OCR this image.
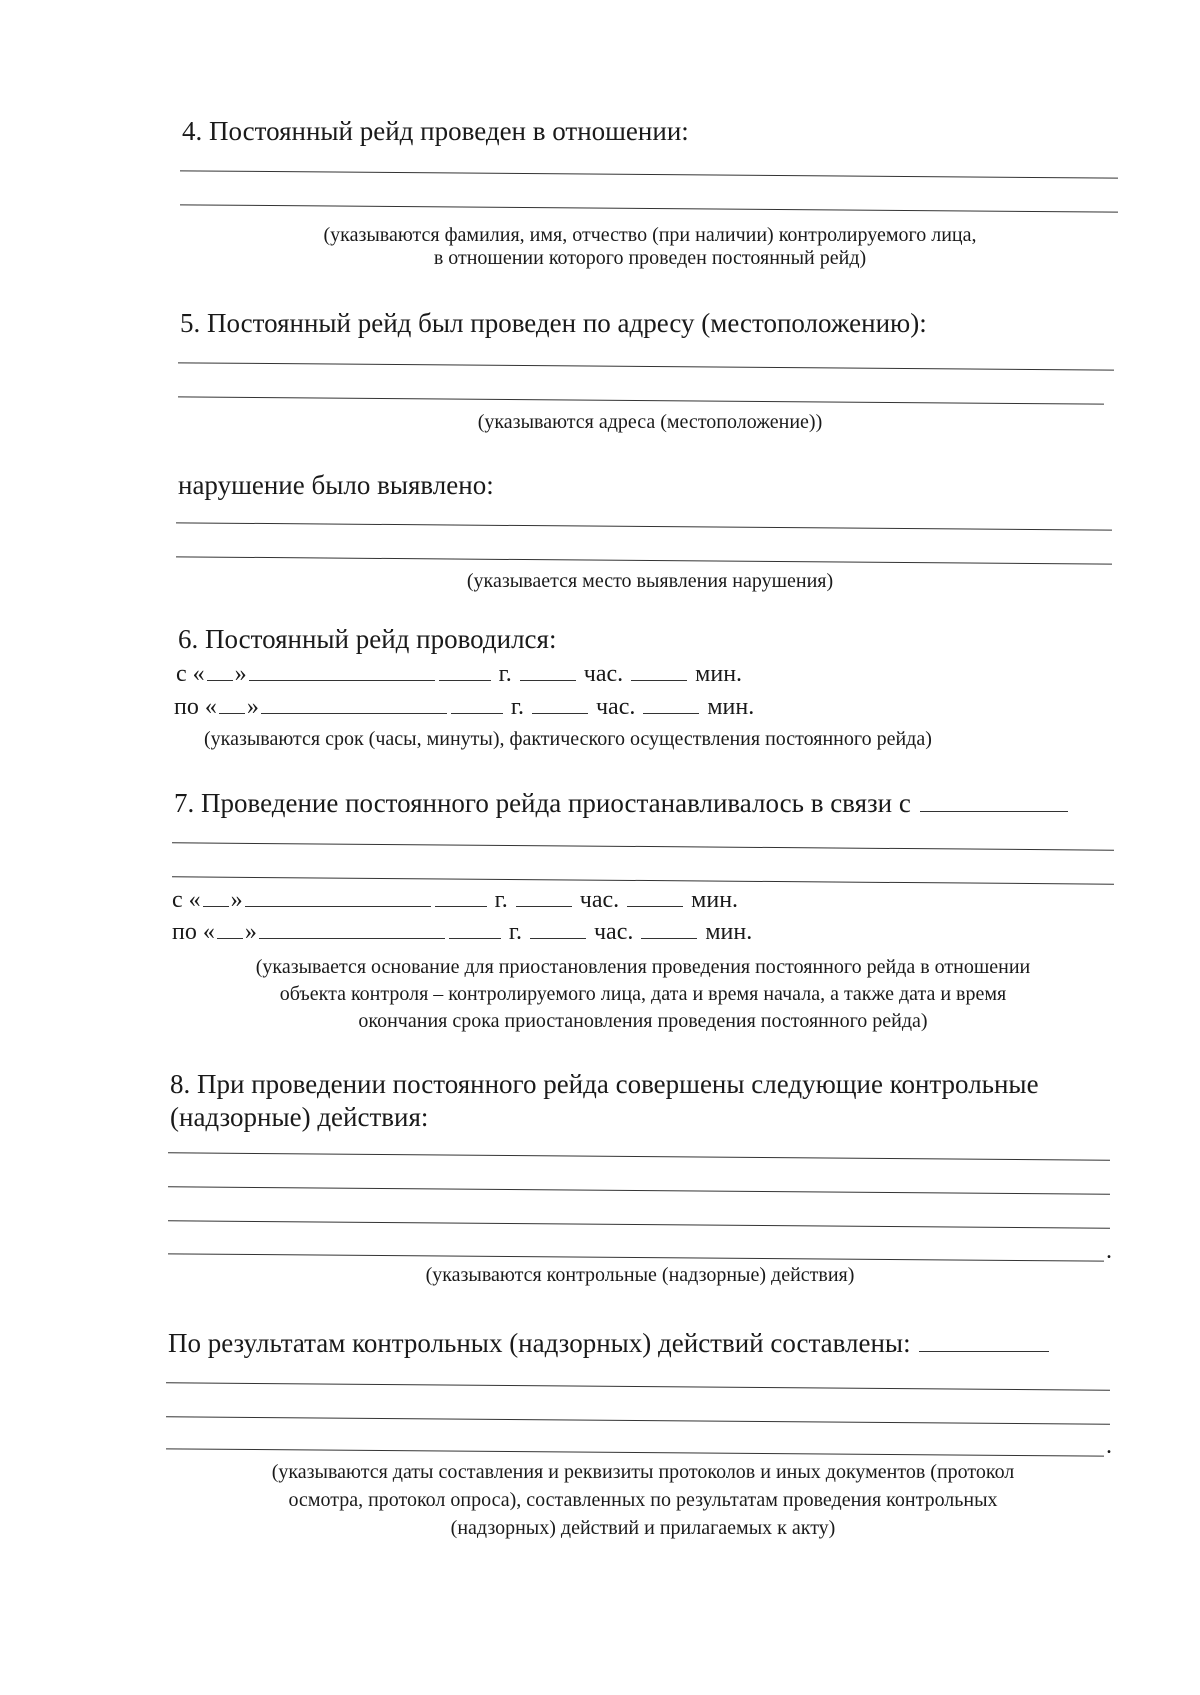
4. Постоянный рейд проведен в отношении:
(указываются фамилия, имя, отчество (при наличии) контролируемого лица,
в отношении которого проведен постоянный рейд)
5. Постоянный рейд был проведен по адресу (местоположению):
(указываются адреса (местоположение))
нарушение было выявлено:
(указывается место выявления нарушения)
6. Постоянный рейд проводился:
с « »	г.	час.	мин.
по « »	г.	час.	мин.
(указываются срок (часы, минуты), фактического осуществления постоянного рейда)
7. Проведение постоянного рейда приостанавливалось в связи с
с « »	г.	час.	мин.
по « »	г.	час.	мин.
(указывается основание для приостановления проведения постоянного рейда в отношении
объекта контроля – контролируемого лица, дата и время начала, а также дата и время
окончания срока приостановления проведения постоянного рейда)
8. При проведении постоянного рейда совершены следующие контрольные
(надзорные) действия:
.
(указываются контрольные (надзорные) действия)
По результатам контрольных (надзорных) действий составлены:
.
(указываются даты составления и реквизиты протоколов и иных документов (протокол
осмотра, протокол опроса), составленных по результатам проведения контрольных
(надзорных) действий и прилагаемых к акту)
